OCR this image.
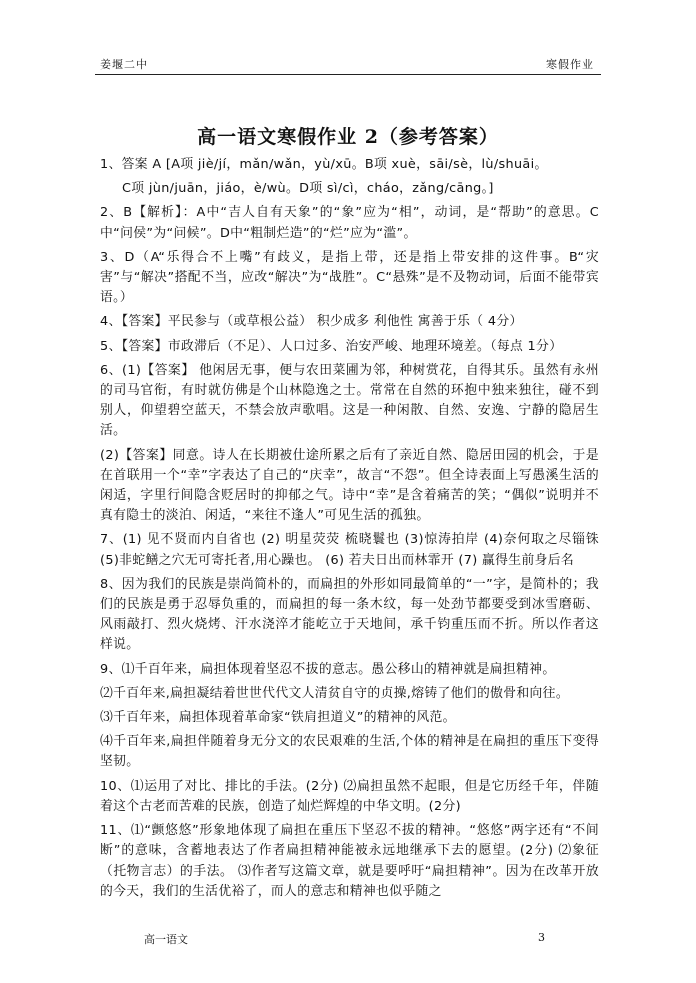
姜堰二中	寒假作业
高一语文寒假作业 2（参考答案）
1、答案 A [A项 jiè/jí，mǎn/wǎn，yù/xū。B项 xuè，sāi/sè，lù/shuāi。
C项 jùn/juān，jiáo，è/wù。D项 sì/cì，cháo，zǎng/cāng。]
2、B【解析】：A中“吉人自有天象”的“象”应为“相”，动词，是“帮助”的意思。C中“问侯”为“问候”。D中“粗制烂造”的“烂”应为“滥”。
3、D（A“乐得合不上嘴”有歧义，是指上带，还是指上带安排的这件事。B“灾害”与“解决”搭配不当，应改“解决”为“战胜”。C“悬殊”是不及物动词，后面不能带宾语。）
4、【答案】平民参与（或草根公益） 积少成多 利他性 寓善于乐（ 4分）
5、【答案】市政滞后（不足）、人口过多、治安严峻、地理环境差。（每点 1分）
6、(1)【答案】 他闲居无事，便与农田菜圃为邻，种树赏花，自得其乐。虽然有永州的司马官衔，有时就仿佛是个山林隐逸之士。常常在自然的环抱中独来独往，碰不到别人，仰望碧空蓝天，不禁会放声歌唱。这是一种闲散、自然、安逸、宁静的隐居生活。
(2)【答案】同意。诗人在长期被仕途所累之后有了亲近自然、隐居田园的机会，于是在首联用一个“幸”字表达了自己的“庆幸”，故言“不怨”。但全诗表面上写愚溪生活的闲适，字里行间隐含贬居时的抑郁之气。诗中“幸”是含着痛苦的笑；“偶似”说明并不真有隐士的淡泊、闲适，“来往不逢人”可见生活的孤独。
7、(1) 见不贤而内自省也 (2) 明星荧荧 梳晓鬟也 (3)惊涛拍岸 (4)奈何取之尽锱铢 (5)非蛇鳝之穴无可寄托者,用心躁也。 (6) 若夫日出而林霏开 (7) 赢得生前身后名
8、因为我们的民族是崇尚简朴的，而扁担的外形如同最简单的“一”字，是简朴的；我们的民族是勇于忍辱负重的，而扁担的每一条木纹，每一处劲节都要受到冰雪磨砺、风雨敲打、烈火烧烤、汗水浇淬才能屹立于天地间，承千钧重压而不折。所以作者这样说。
9、⑴千百年来，扁担体现着坚忍不拔的意志。愚公移山的精神就是扁担精神。
⑵千百年来,扁担凝结着世世代代文人清贫自守的贞操,熔铸了他们的傲骨和向往。
⑶千百年来，扁担体现着革命家“铁肩担道义”的精神的风范。
⑷千百年来,扁担伴随着身无分文的农民艰难的生活,个体的精神是在扁担的重压下变得坚韧。
10、⑴运用了对比、排比的手法。(2分) ⑵扁担虽然不起眼，但是它历经千年，伴随着这个古老而苦难的民族，创造了灿烂辉煌的中华文明。(2分)
11、⑴“颤悠悠”形象地体现了扁担在重压下坚忍不拔的精神。“悠悠”两字还有“不间断”的意味，含蓄地表达了作者扁担精神能被永远地继承下去的愿望。(2分) ⑵象征（托物言志）的手法。 ⑶作者写这篇文章，就是要呼吁“扁担精神”。因为在改革开放的今天，我们的生活优裕了，而人的意志和精神也似乎随之
高一语文	3
